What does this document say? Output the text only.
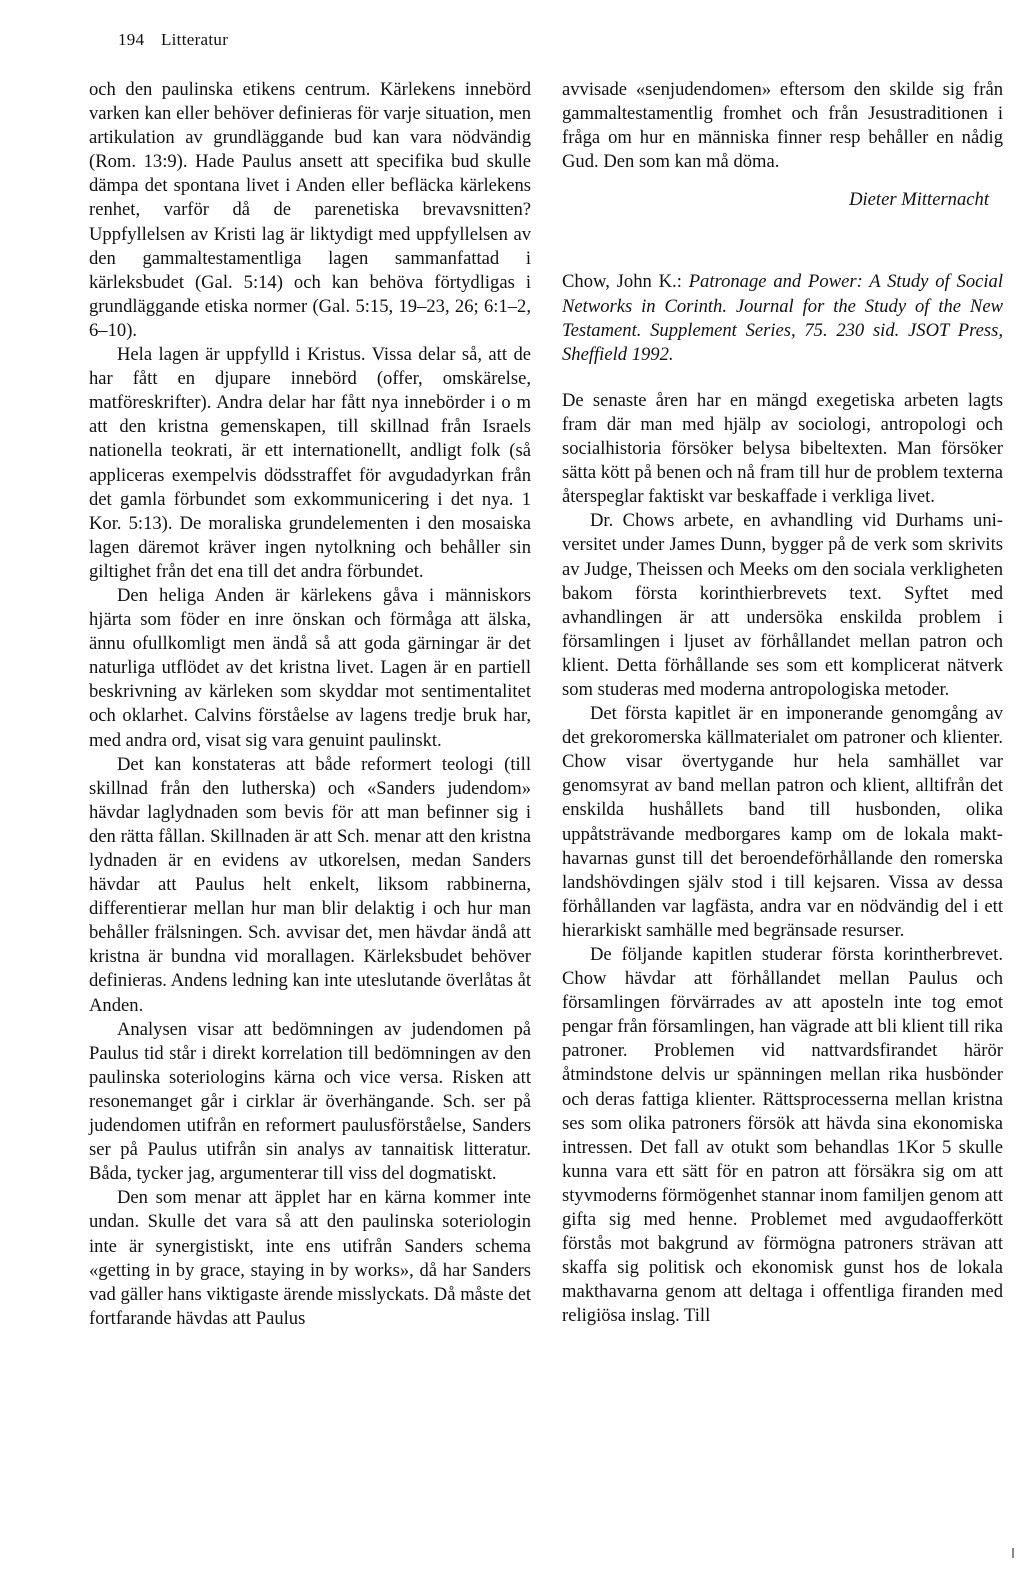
194 Litteratur

och den paulinska etikens centrum. Kärlekens innebörd varken kan eller behöver definieras för varje situation, men artikulation av grundläggande bud kan vara nödvändig (Rom. 13:9). Hade Paulus ansett att specifika bud skulle dämpa det spontana livet i Anden eller befläcka kärlekens renhet, varför då de parenetiska brevavsnitten? Uppfyllelsen av Kristi lag är liktydigt med uppfyllelsen av den gammaltestamentliga lagen sammanfattad i kärleksbudet (Gal. 5:14) och kan behöva förtydligas i grundläggande etiska normer (Gal. 5:15, 19–23, 26; 6:1–2, 6–10).

Hela lagen är uppfylld i Kristus. Vissa delar så, att de har fått en djupare innebörd (offer, omskärelse, matföreskrifter). Andra delar har fått nya innebörder i o m att den kristna gemenskapen, till skillnad från Israels nationella teokrati, är ett internationellt, andligt folk (så appliceras exempelvis dödsstraffet för avgudadyrkan från det gamla förbundet som exkommunicering i det nya. 1 Kor. 5:13). De moraliska grundelementen i den mosaiska lagen däremot kräver ingen nytolkning och behåller sin giltighet från det ena till det andra förbundet.

Den heliga Anden är kärlekens gåva i människors hjärta som föder en inre önskan och förmåga att älska, ännu ofullkomligt men ändå så att goda gärningar är det naturliga utflödet av det kristna livet. Lagen är en partiell beskrivning av kärleken som skyddar mot sentimentalitet och oklarhet. Calvins förståelse av lagens tredje bruk har, med andra ord, visat sig vara genuint paulinskt.

Det kan konstateras att både reformert teologi (till skillnad från den lutherska) och «Sanders judendom» hävdar laglydnaden som bevis för att man befinner sig i den rätta fållan. Skillnaden är att Sch. menar att den kristna lydnaden är en evidens av utkorelsen, medan Sanders hävdar att Paulus helt enkelt, liksom rabbinerna, differentierar mellan hur man blir delaktig i och hur man behåller frälsningen. Sch. avvisar det, men hävdar ändå att kristna är bundna vid morallagen. Kärleksbudet behöver definieras. Andens ledning kan inte uteslutande överlåtas åt Anden.

Analysen visar att bedömningen av judendomen på Paulus tid står i direkt korrelation till bedömningen av den paulinska soteriologins kärna och vice versa. Risken att resonemanget går i cirklar är överhängande. Sch. ser på judendomen utifrån en reformert paulusförståelse, Sanders ser på Paulus utifrån sin analys av tannaitisk litteratur. Båda, tycker jag, argumenterar till viss del dogmatiskt.

Den som menar att äpplet har en kärna kommer inte undan. Skulle det vara så att den paulinska soteriologin inte är synergistiskt, inte ens utifrån Sanders schema «getting in by grace, staying in by works», då har Sanders vad gäller hans viktigaste ärende misslyckats. Då måste det fortfarande hävdas att Paulus

avvisade «senjudendomen» eftersom den skilde sig från gammaltestamentlig fromhet och från Jesustraditionen i fråga om hur en människa finner resp behåller en nådig Gud. Den som kan må döma.

Dieter Mitternacht

Chow, John K.: Patronage and Power: A Study of Social Networks in Corinth. Journal for the Study of the New Testament. Supplement Series, 75. 230 sid. JSOT Press, Sheffield 1992.

De senaste åren har en mängd exegetiska arbeten lagts fram där man med hjälp av sociologi, antropologi och socialhistoria försöker belysa bibeltexten. Man försöker sätta kött på benen och nå fram till hur de problem texterna återspeglar faktiskt var beskaffade i verkliga livet.

Dr. Chows arbete, en avhandling vid Durhams universitet under James Dunn, bygger på de verk som skrivits av Judge, Theissen och Meeks om den sociala verkligheten bakom första korinthierbrevets text. Syftet med avhandlingen är att undersöka enskilda problem i församlingen i ljuset av förhållandet mellan patron och klient. Detta förhållande ses som ett komplicerat nätverk som studeras med moderna antropologiska metoder.

Det första kapitlet är en imponerande genomgång av det grekoromerska källmaterialet om patroner och klienter. Chow visar övertygande hur hela samhället var genomsyrat av band mellan patron och klient, alltifrån det enskilda hushållets band till husbonden, olika uppåtsträvande medborgares kamp om de lokala makthavarnas gunst till det beroendeförhållande den romerska landshövdingen själv stod i till kejsaren. Vissa av dessa förhållanden var lagfästa, andra var en nödvändig del i ett hierarkiskt samhälle med begränsade resurser.

De följande kapitlen studerar första korintherbrevet. Chow hävdar att förhållandet mellan Paulus och församlingen förvärrades av att aposteln inte tog emot pengar från församlingen, han vägrade att bli klient till rika patroner. Problemen vid nattvardsfirandet härör åtmindstone delvis ur spänningen mellan rika husbönder och deras fattiga klienter. Rättsprocesserna mellan kristna ses som olika patroners försök att hävda sina ekonomiska intressen. Det fall av otukt som behandlas 1Kor 5 skulle kunna vara ett sätt för en patron att försäkra sig om att styvmoderns förmögenhet stannar inom familjen genom att gifta sig med henne. Problemet med avgudaofferkött förstås mot bakgrund av förmögna patroners strävan att skaffa sig politisk och ekonomisk gunst hos de lokala makthavarna genom att deltaga i offentliga firanden med religiösa inslag. Till
